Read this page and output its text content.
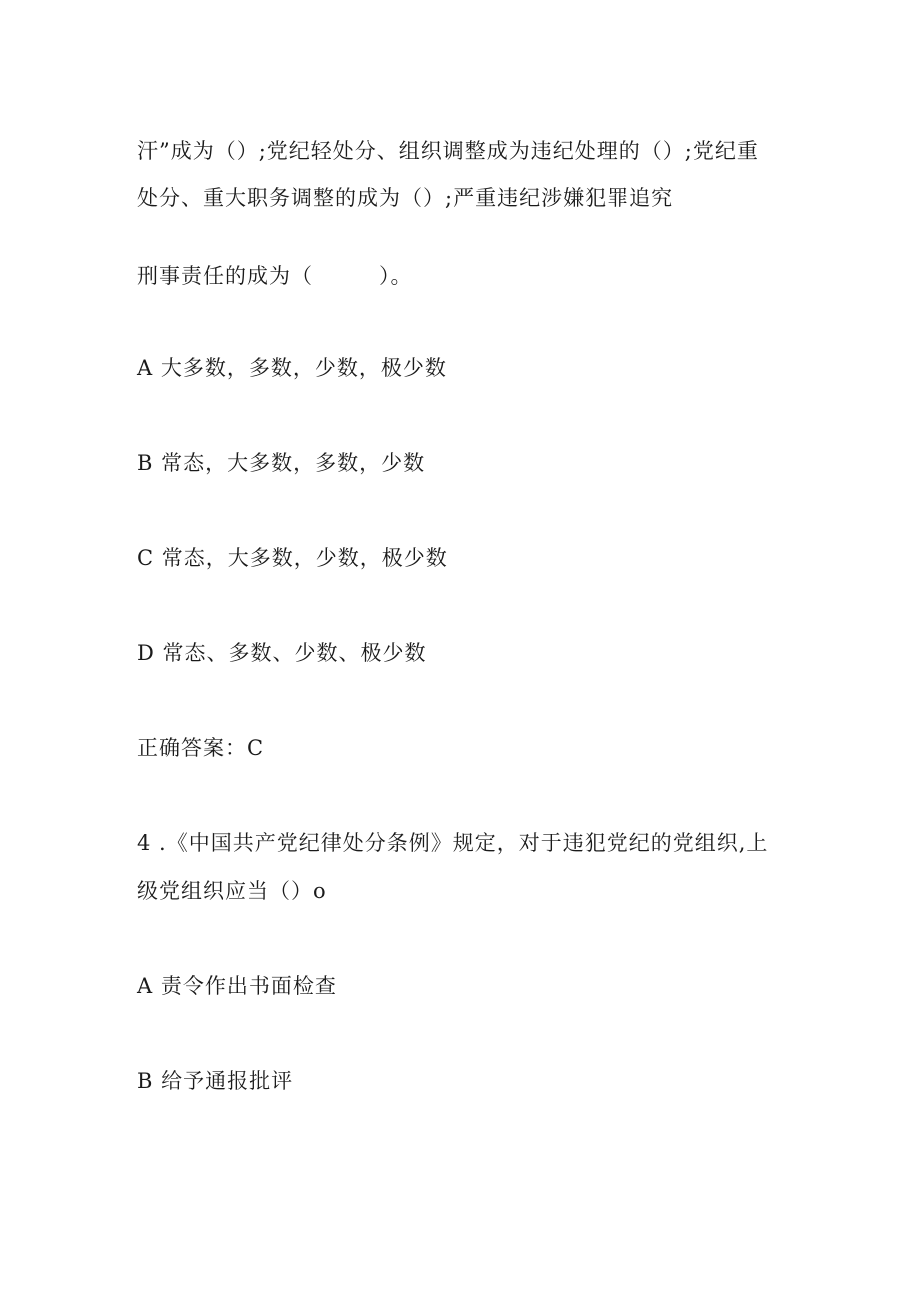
汗”成为（）;党纪轻处分、组织调整成为违纪处理的（）;党纪重
处分、重大职务调整的成为（）;严重违纪涉嫌犯罪追究
刑事责任的成为（　　　）。
A 大多数，多数，少数，极少数
B 常态，大多数，多数，少数
C 常态，大多数，少数，极少数
D 常态、多数、少数、极少数
正确答案：C
4 .《中国共产党纪律处分条例》规定，对于违犯党纪的党组织,上
级党组织应当（）o
A 责令作出书面检查
B 给予通报批评
